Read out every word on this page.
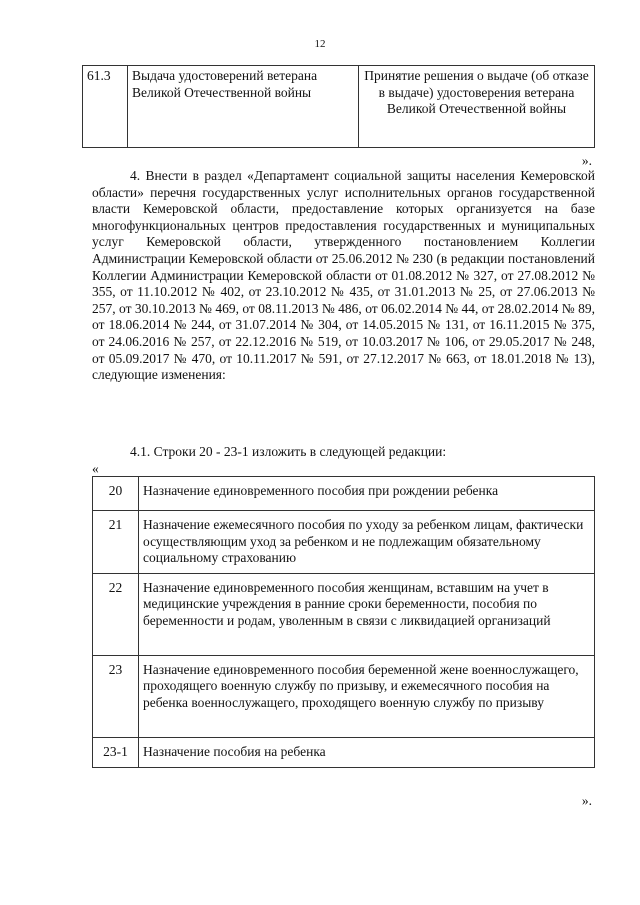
12
61.3	Выдача удостоверений ветерана Великой Отечественной войны	Принятие решения о выдаче (об отказе в выдаче) удостоверения ветерана Великой Отечественной войны
».

4. Внести в раздел «Департамент социальной защиты населения Кемеровской области» перечня государственных услуг исполнительных органов государственной власти Кемеровской области, предоставление которых организуется на базе многофункциональных центров предоставления государственных и муниципальных услуг Кемеровской области, утвержденного постановлением Коллегии Администрации Кемеровской области от 25.06.2012 № 230 (в редакции постановлений Коллегии Администрации Кемеровской области от 01.08.2012 № 327, от 27.08.2012 № 355, от 11.10.2012 № 402, от 23.10.2012 № 435, от 31.01.2013 № 25, от 27.06.2013 № 257, от 30.10.2013 № 469, от 08.11.2013 № 486, от 06.02.2014 № 44, от 28.02.2014 № 89, от 18.06.2014 № 244, от 31.07.2014 № 304, от 14.05.2015 № 131, от 16.11.2015 № 375, от 24.06.2016 № 257, от 22.12.2016 № 519, от 10.03.2017 № 106, от 29.05.2017 № 248, от 05.09.2017 № 470, от 10.11.2017 № 591, от 27.12.2017 № 663, от 18.01.2018 № 13), следующие изменения:

4.1. Строки 20 - 23-1 изложить в следующей редакции:

«
20	Назначение единовременного пособия при рождении ребенка
21	Назначение ежемесячного пособия по уходу за ребенком лицам, фактически осуществляющим уход за ребенком и не подлежащим обязательному социальному страхованию
22	Назначение единовременного пособия женщинам, вставшим на учет в медицинские учреждения в ранние сроки беременности, пособия по беременности и родам, уволенным в связи с ликвидацией организаций
23	Назначение единовременного пособия беременной жене военнослужащего, проходящего военную службу по призыву, и ежемесячного пособия на ребенка военнослужащего, проходящего военную службу по призыву
23-1	Назначение пособия на ребенка
».
